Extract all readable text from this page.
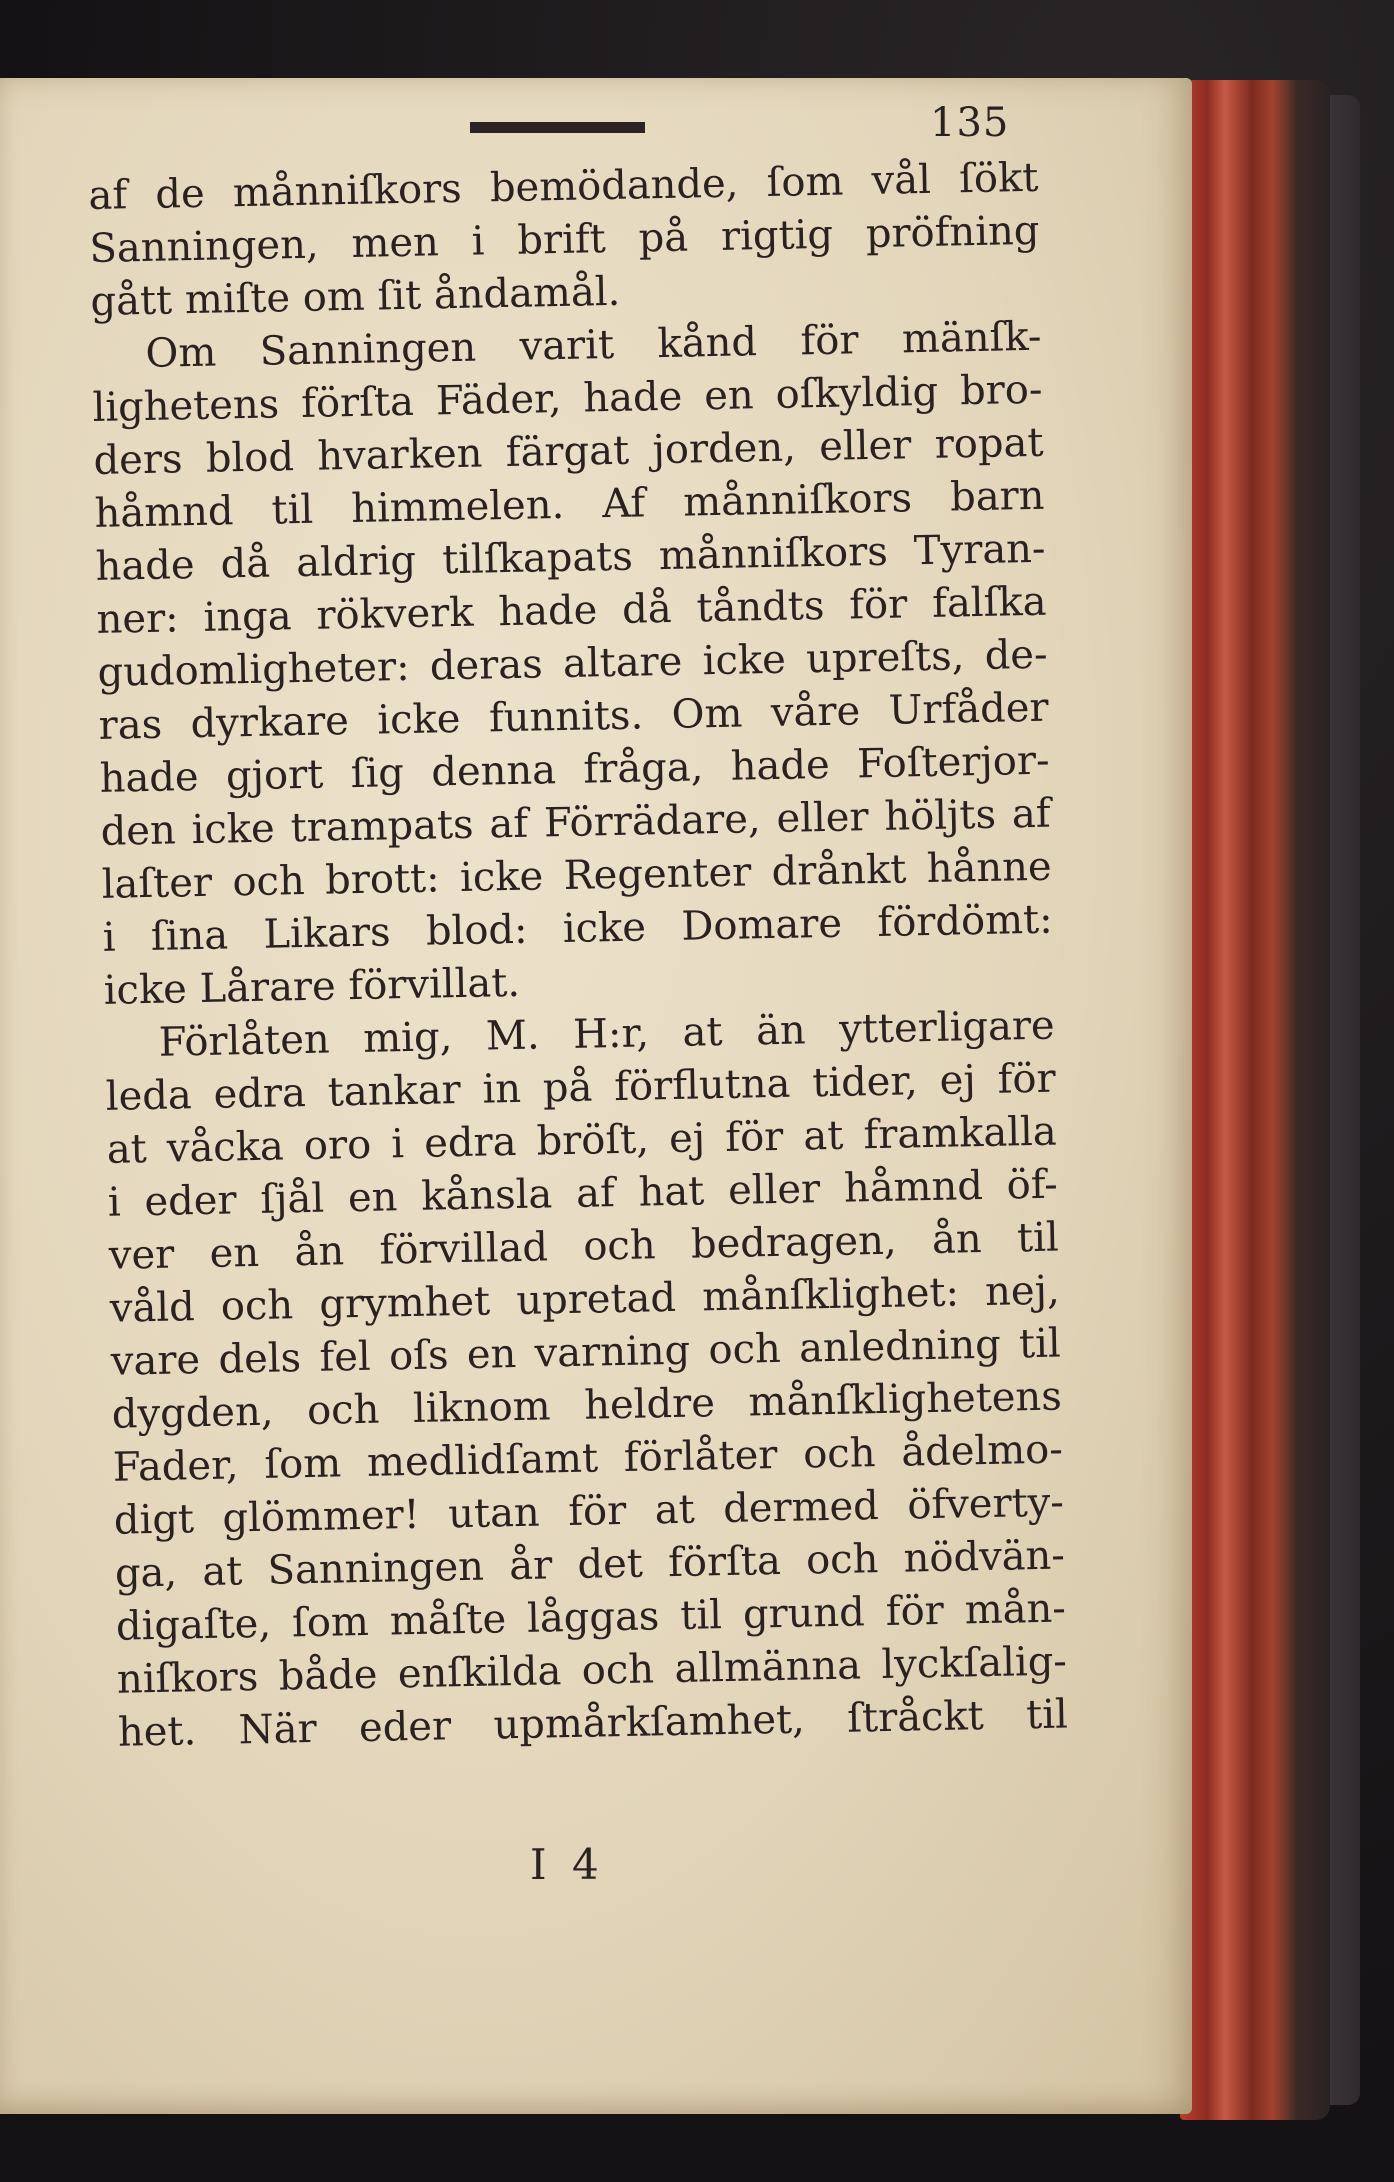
135
af de månniſkors bemödande, ſom vål ſökt
Sanningen, men i brift på rigtig pröfning
gått miſte om ſit åndamål.
Om Sanningen varit kånd för mänſk-
lighetens förſta Fäder, hade en oſkyldig bro-
ders blod hvarken färgat jorden, eller ropat
håmnd til himmelen. Af månniſkors barn
hade då aldrig tilſkapats månniſkors Tyran-
ner: inga rökverk hade då tåndts för falſka
gudomligheter: deras altare icke upreſts, de-
ras dyrkare icke funnits. Om våre Urfåder
hade gjort ſig denna fråga, hade Foſterjor-
den icke trampats af Förrädare, eller höljts af
laſter och brott: icke Regenter drånkt hånne
i ſina Likars blod: icke Domare fördömt:
icke Lårare förvillat.
Förlåten mig, M. H:r, at än ytterligare
leda edra tankar in på förflutna tider, ej för
at våcka oro i edra bröſt, ej för at framkalla
i eder ſjål en kånsla af hat eller håmnd öf-
ver en ån förvillad och bedragen, ån til
våld och grymhet upretad månſklighet: nej,
vare dels fel oſs en varning och anledning til
dygden, och liknom heldre månſklighetens
Fader, ſom medlidſamt förlåter och ådelmo-
digt glömmer! utan för at dermed öfverty-
ga, at Sanningen år det förſta och nödvän-
digaſte, ſom måſte låggas til grund för mån-
niſkors både enſkilda och allmänna lyckſalig-
het. När eder upmårkſamhet, ſtråckt til
I 4
